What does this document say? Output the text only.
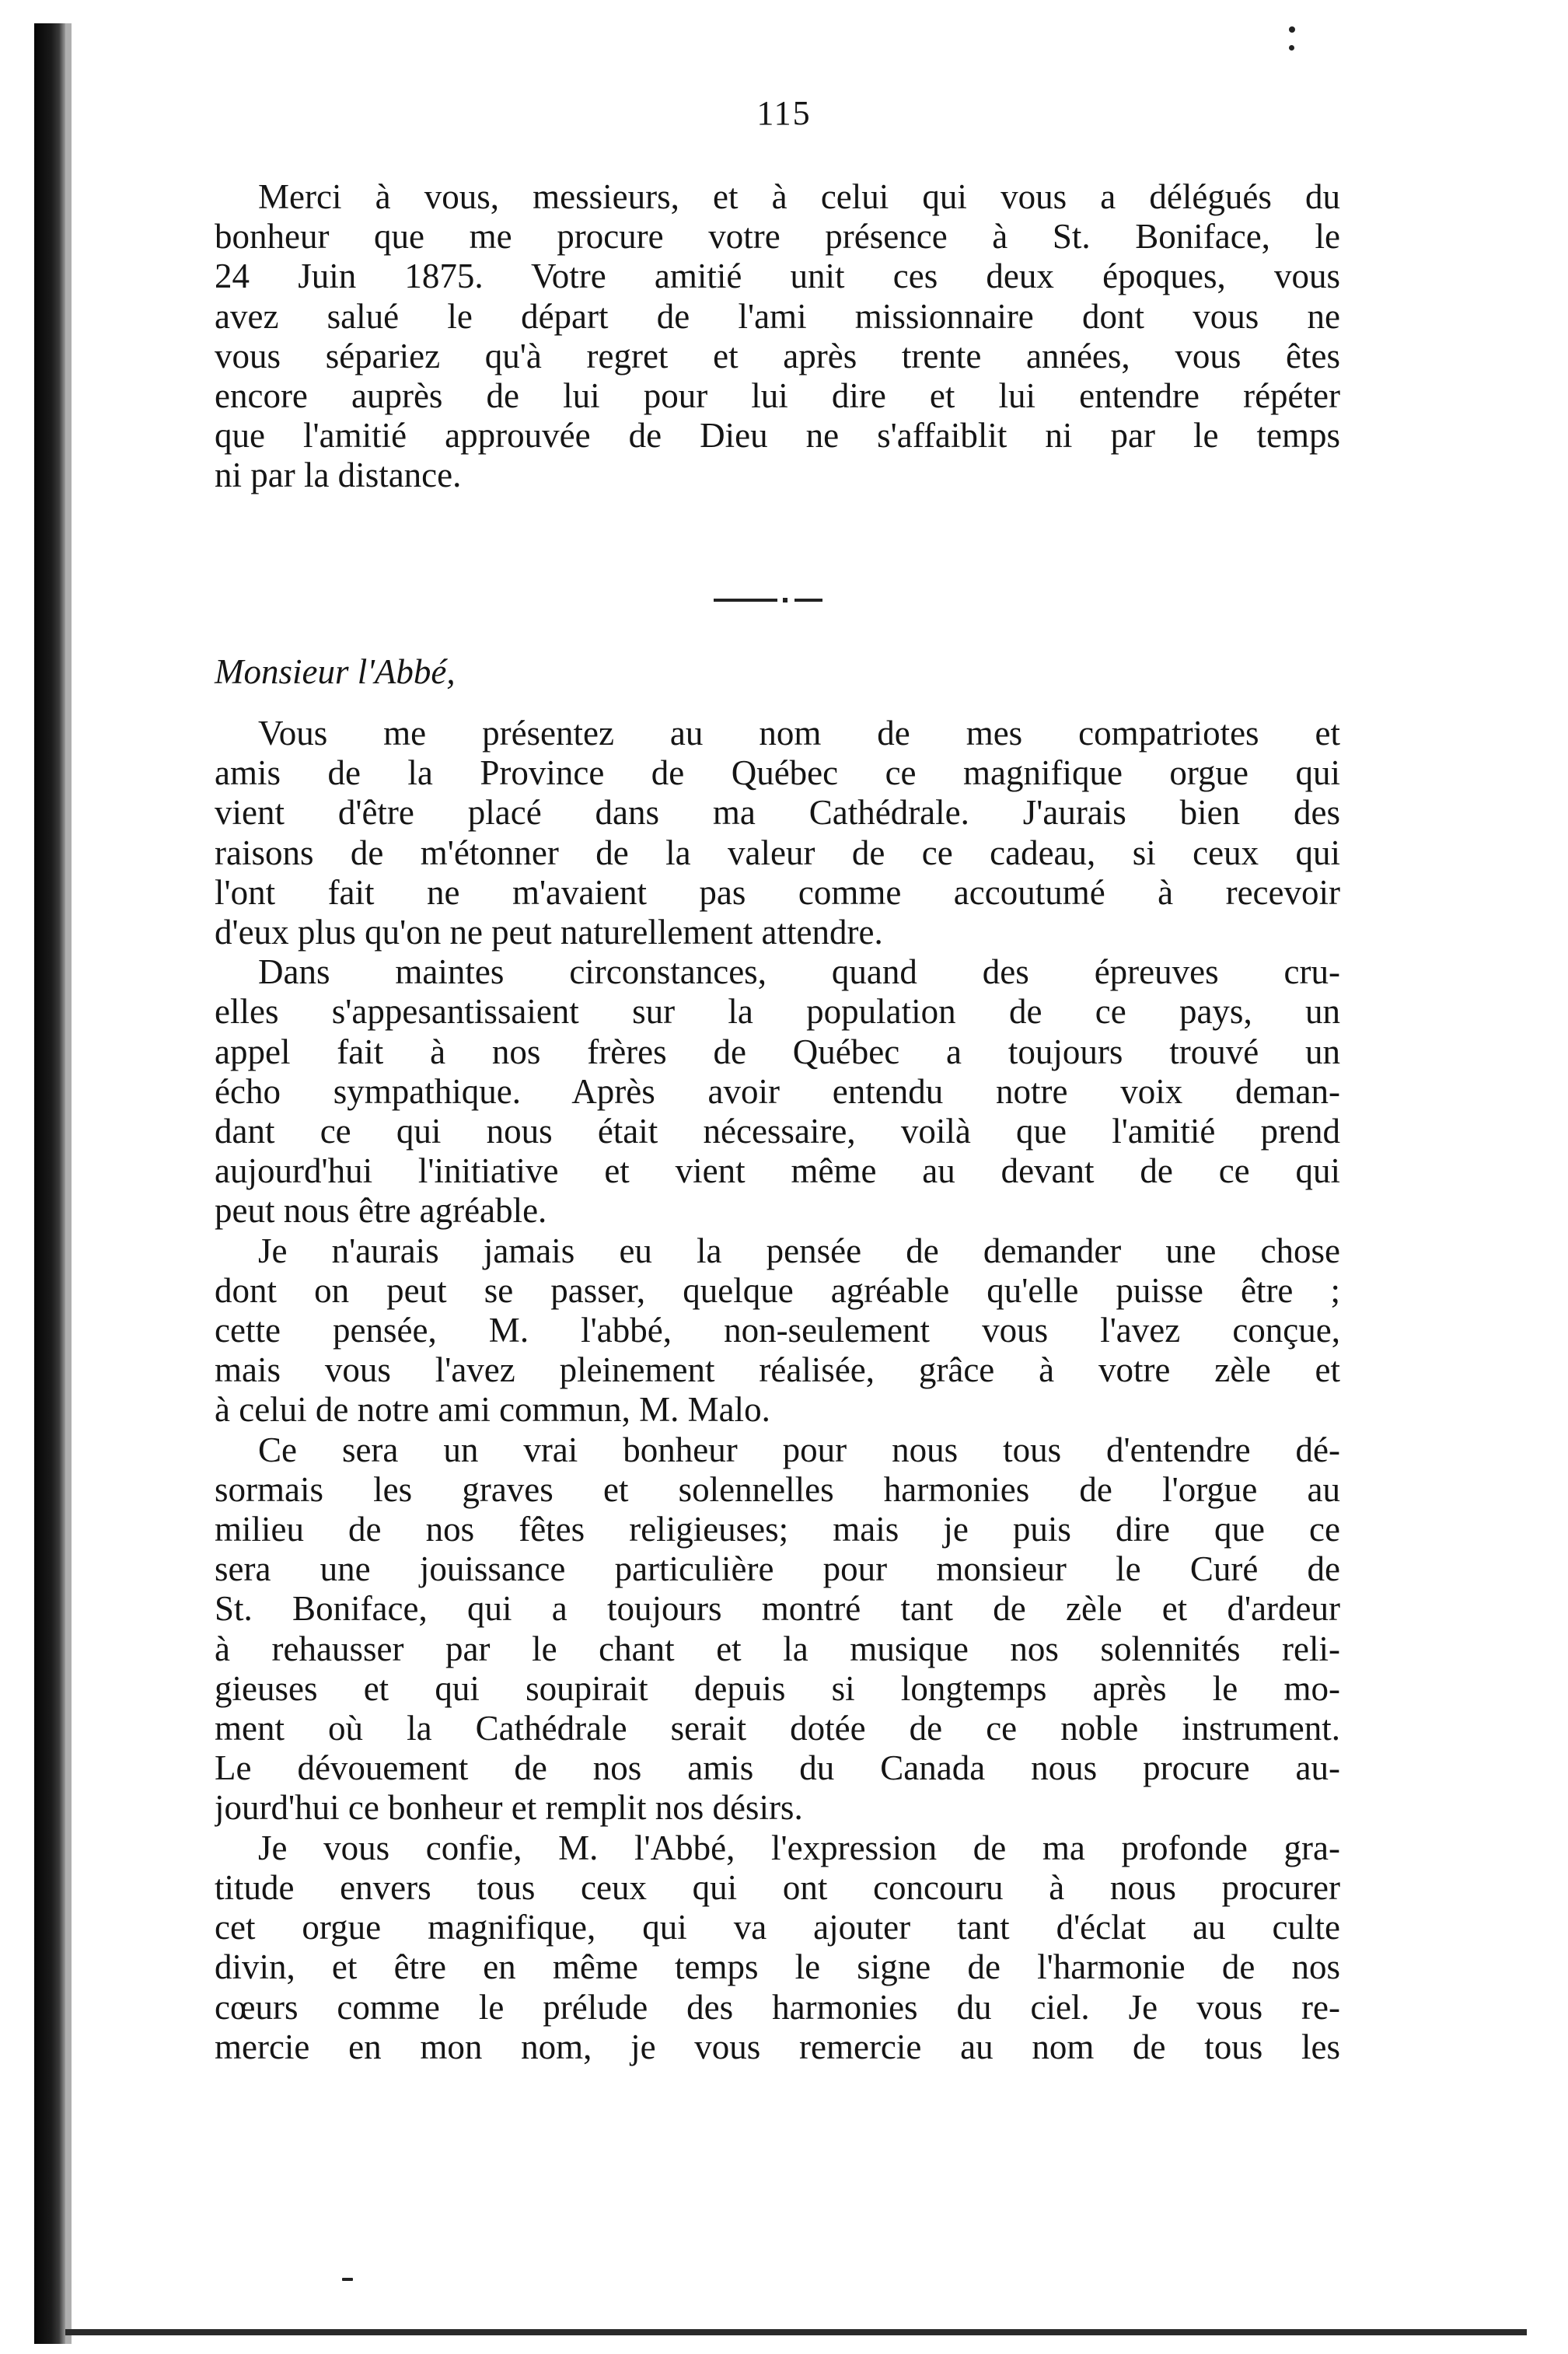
115
Merci à vous, messieurs, et à celui qui vous a délégués du
bonheur que me procure votre présence à St. Boniface, le
24 Juin 1875. Votre amitié unit ces deux époques, vous
avez salué le départ de l'ami missionnaire dont vous ne
vous sépariez qu'à regret et après trente années, vous êtes
encore auprès de lui pour lui dire et lui entendre répéter
que l'amitié approuvée de Dieu ne s'affaiblit ni par le temps
ni par la distance.

Monsieur l'Abbé,

Vous me présentez au nom de mes compatriotes et
amis de la Province de Québec ce magnifique orgue qui
vient d'être placé dans ma Cathédrale. J'aurais bien des
raisons de m'étonner de la valeur de ce cadeau, si ceux qui
l'ont fait ne m'avaient pas comme accoutumé à recevoir
d'eux plus qu'on ne peut naturellement attendre.
Dans maintes circonstances, quand des épreuves cru-
elles s'appesantissaient sur la population de ce pays, un
appel fait à nos frères de Québec a toujours trouvé un
écho sympathique. Après avoir entendu notre voix deman-
dant ce qui nous était nécessaire, voilà que l'amitié prend
aujourd'hui l'initiative et vient même au devant de ce qui
peut nous être agréable.
Je n'aurais jamais eu la pensée de demander une chose
dont on peut se passer, quelque agréable qu'elle puisse être ;
cette pensée, M. l'abbé, non-seulement vous l'avez conçue,
mais vous l'avez pleinement réalisée, grâce à votre zèle et
à celui de notre ami commun, M. Malo.
Ce sera un vrai bonheur pour nous tous d'entendre dé-
sormais les graves et solennelles harmonies de l'orgue au
milieu de nos fêtes religieuses; mais je puis dire que ce
sera une jouissance particulière pour monsieur le Curé de
St. Boniface, qui a toujours montré tant de zèle et d'ardeur
à rehausser par le chant et la musique nos solennités reli-
gieuses et qui soupirait depuis si longtemps après le mo-
ment où la Cathédrale serait dotée de ce noble instrument.
Le dévouement de nos amis du Canada nous procure au-
jourd'hui ce bonheur et remplit nos désirs.
Je vous confie, M. l'Abbé, l'expression de ma profonde gra-
titude envers tous ceux qui ont concouru à nous procurer
cet orgue magnifique, qui va ajouter tant d'éclat au culte
divin, et être en même temps le signe de l'harmonie de nos
cœurs comme le prélude des harmonies du ciel. Je vous re-
mercie en mon nom, je vous remercie au nom de tous les
